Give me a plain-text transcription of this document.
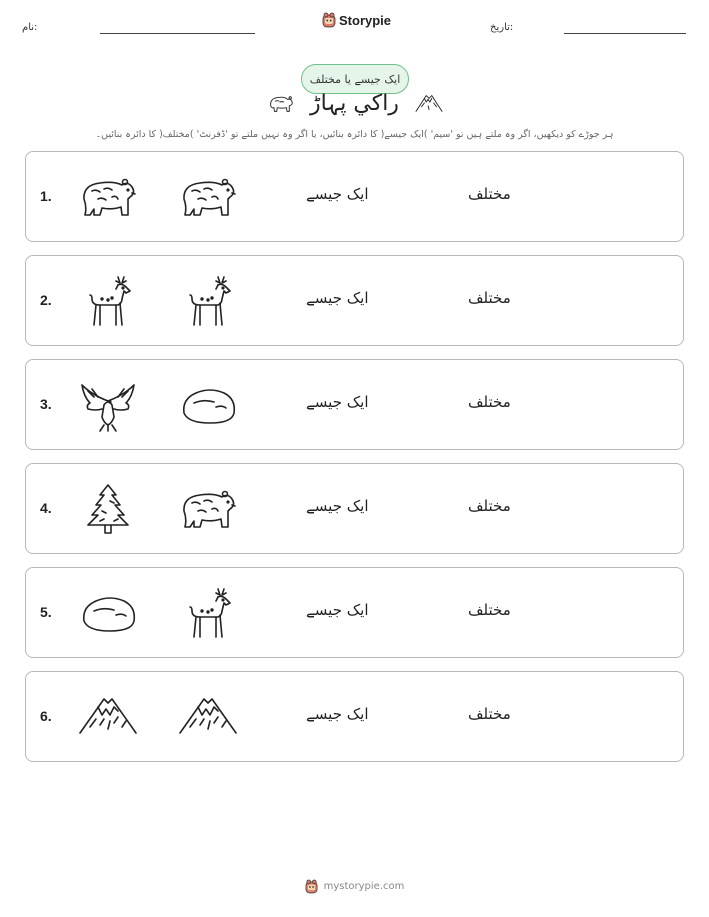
نام:	Storypie	تاریخ:
ایک جیسے یا مختلف
راکي پہاڑ
ہر جوڑے کو دیکھیں، اگر وہ ملتے ہیں تو 'سیم' )ایک جیسے( کا دائرہ بنائیں، یا اگر وہ نہیں ملتے تو 'ڈفرنٹ' )مختلف( کا دائرہ بنائیں۔
1.	ایک جیسے	مختلف
2.	ایک جیسے	مختلف
3.	ایک جیسے	مختلف
4.	ایک جیسے	مختلف
5.	ایک جیسے	مختلف
6.	ایک جیسے	مختلف
mystorypie.com
